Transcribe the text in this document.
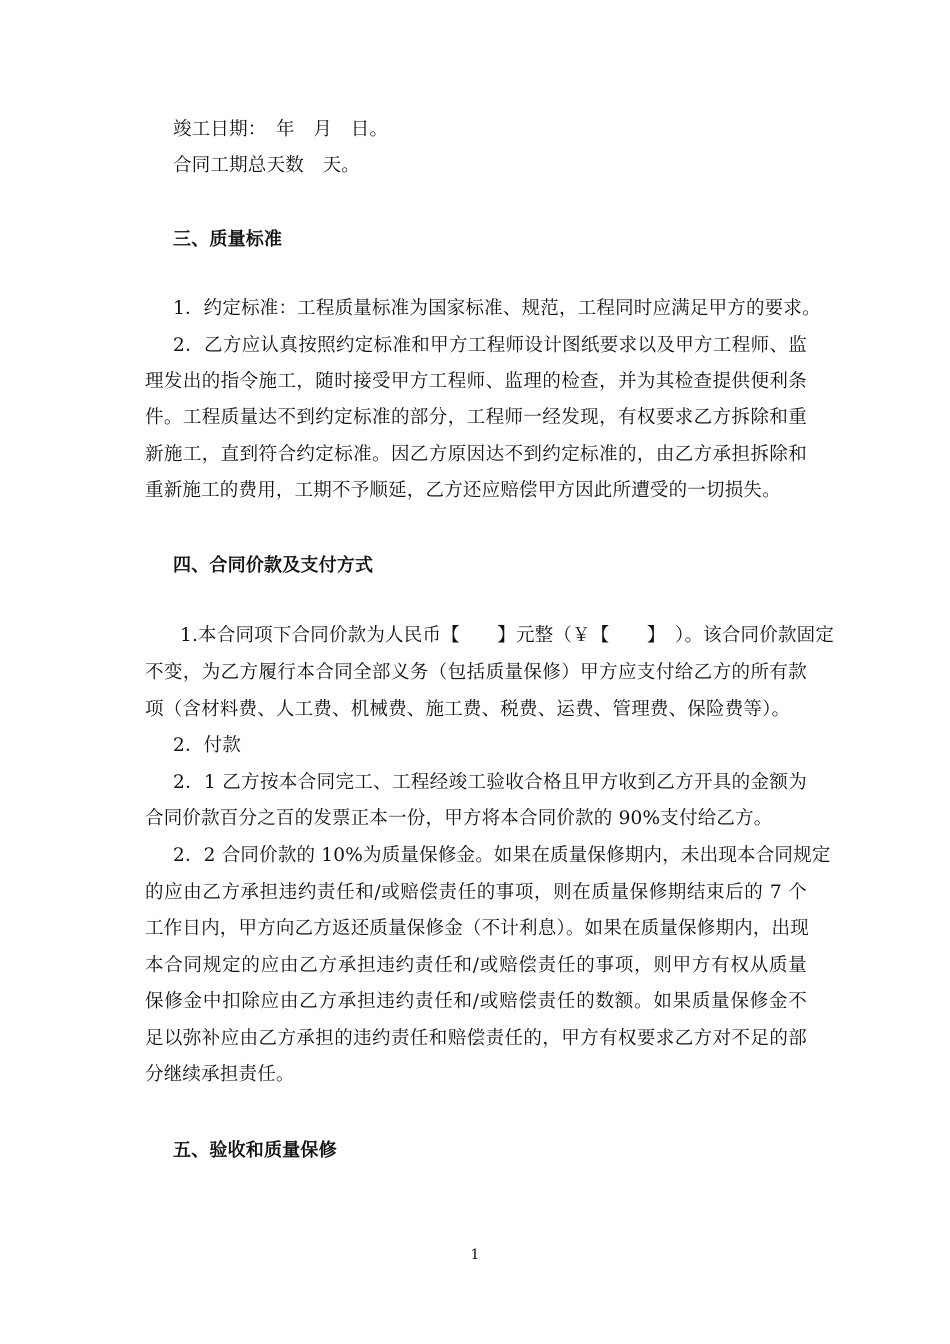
竣工日期：　年　月　日。
合同工期总天数　天。
三、质量标准
1．约定标准：工程质量标准为国家标准、规范，工程同时应满足甲方的要求。
2．乙方应认真按照约定标准和甲方工程师设计图纸要求以及甲方工程师、监
理发出的指令施工，随时接受甲方工程师、监理的检查，并为其检查提供便利条
件。工程质量达不到约定标准的部分，工程师一经发现，有权要求乙方拆除和重
新施工，直到符合约定标准。因乙方原因达不到约定标准的，由乙方承担拆除和
重新施工的费用，工期不予顺延，乙方还应赔偿甲方因此所遭受的一切损失。
四、合同价款及支付方式
1.本合同项下合同价款为人民币【　　】元整（￥【　　】　）。该合同价款固定
不变，为乙方履行本合同全部义务（包括质量保修）甲方应支付给乙方的所有款
项（含材料费、人工费、机械费、施工费、税费、运费、管理费、保险费等）。
2．付款
2．1 乙方按本合同完工、工程经竣工验收合格且甲方收到乙方开具的金额为
合同价款百分之百的发票正本一份，甲方将本合同价款的 90%支付给乙方。
2．2 合同价款的 10%为质量保修金。如果在质量保修期内，未出现本合同规定
的应由乙方承担违约责任和/或赔偿责任的事项，则在质量保修期结束后的 7 个
工作日内，甲方向乙方返还质量保修金（不计利息）。如果在质量保修期内，出现
本合同规定的应由乙方承担违约责任和/或赔偿责任的事项，则甲方有权从质量
保修金中扣除应由乙方承担违约责任和/或赔偿责任的数额。如果质量保修金不
足以弥补应由乙方承担的违约责任和赔偿责任的，甲方有权要求乙方对不足的部
分继续承担责任。
五、验收和质量保修
1
